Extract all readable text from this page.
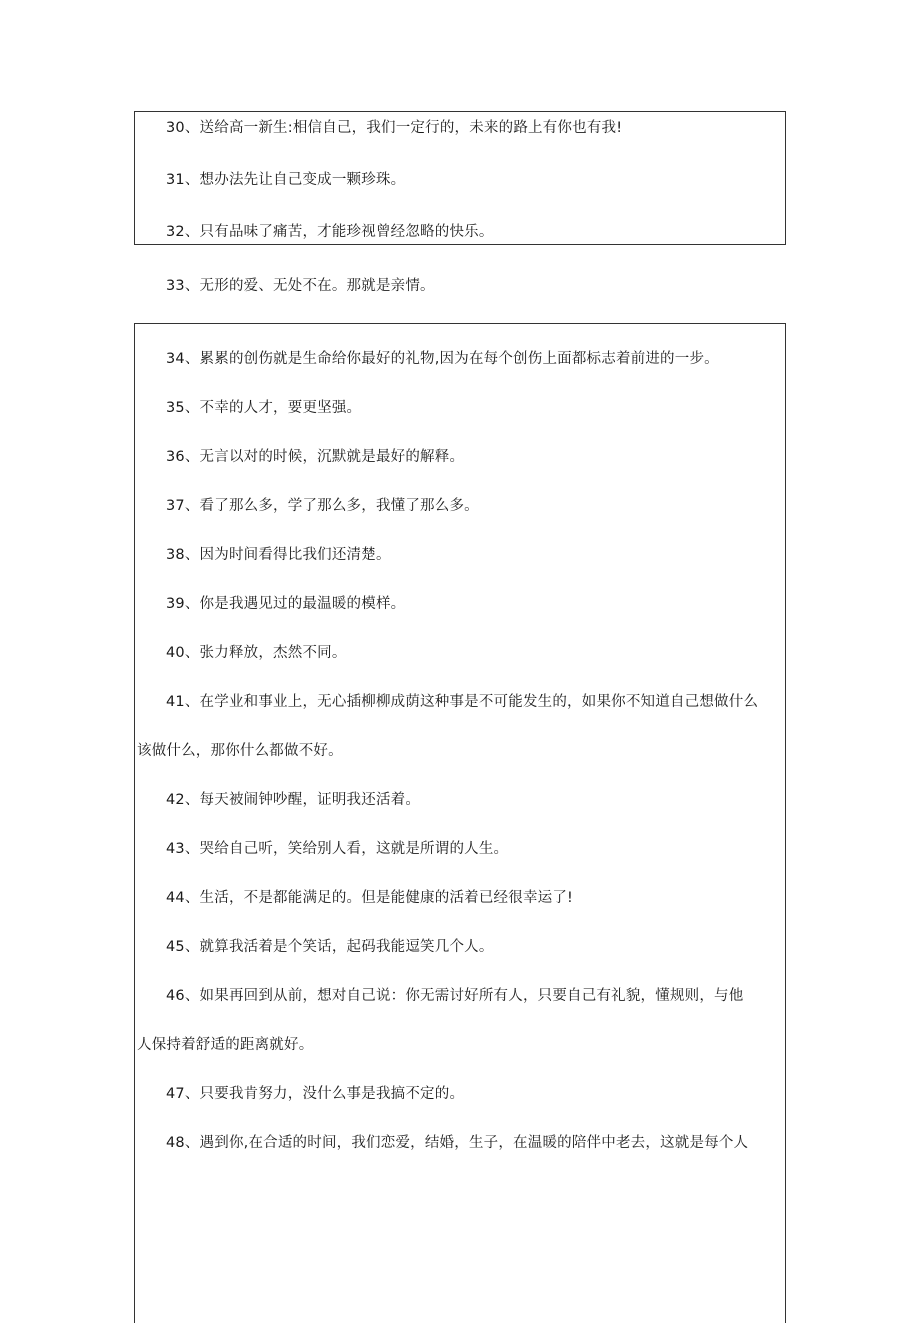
30、送给高一新生:相信自己，我们一定行的，未来的路上有你也有我!
31、想办法先让自己变成一颗珍珠。
32、只有品味了痛苦，才能珍视曾经忽略的快乐。
33、无形的爱、无处不在。那就是亲情。
34、累累的创伤就是生命给你最好的礼物,因为在每个创伤上面都标志着前进的一步。
35、不幸的人才，要更坚强。
36、无言以对的时候，沉默就是最好的解释。
37、看了那么多，学了那么多，我懂了那么多。
38、因为时间看得比我们还清楚。
39、你是我遇见过的最温暖的模样。
40、张力释放，杰然不同。
41、在学业和事业上，无心插柳柳成荫这种事是不可能发生的，如果你不知道自己想做什么
该做什么，那你什么都做不好。
42、每天被闹钟吵醒，证明我还活着。
43、哭给自己听，笑给别人看，这就是所谓的人生。
44、生活，不是都能满足的。但是能健康的活着已经很幸运了!
45、就算我活着是个笑话，起码我能逗笑几个人。
46、如果再回到从前，想对自己说：你无需讨好所有人，只要自己有礼貌，懂规则，与他
人保持着舒适的距离就好。
47、只要我肯努力，没什么事是我搞不定的。
48、遇到你,在合适的时间，我们恋爱，结婚，生子，在温暖的陪伴中老去，这就是每个人
